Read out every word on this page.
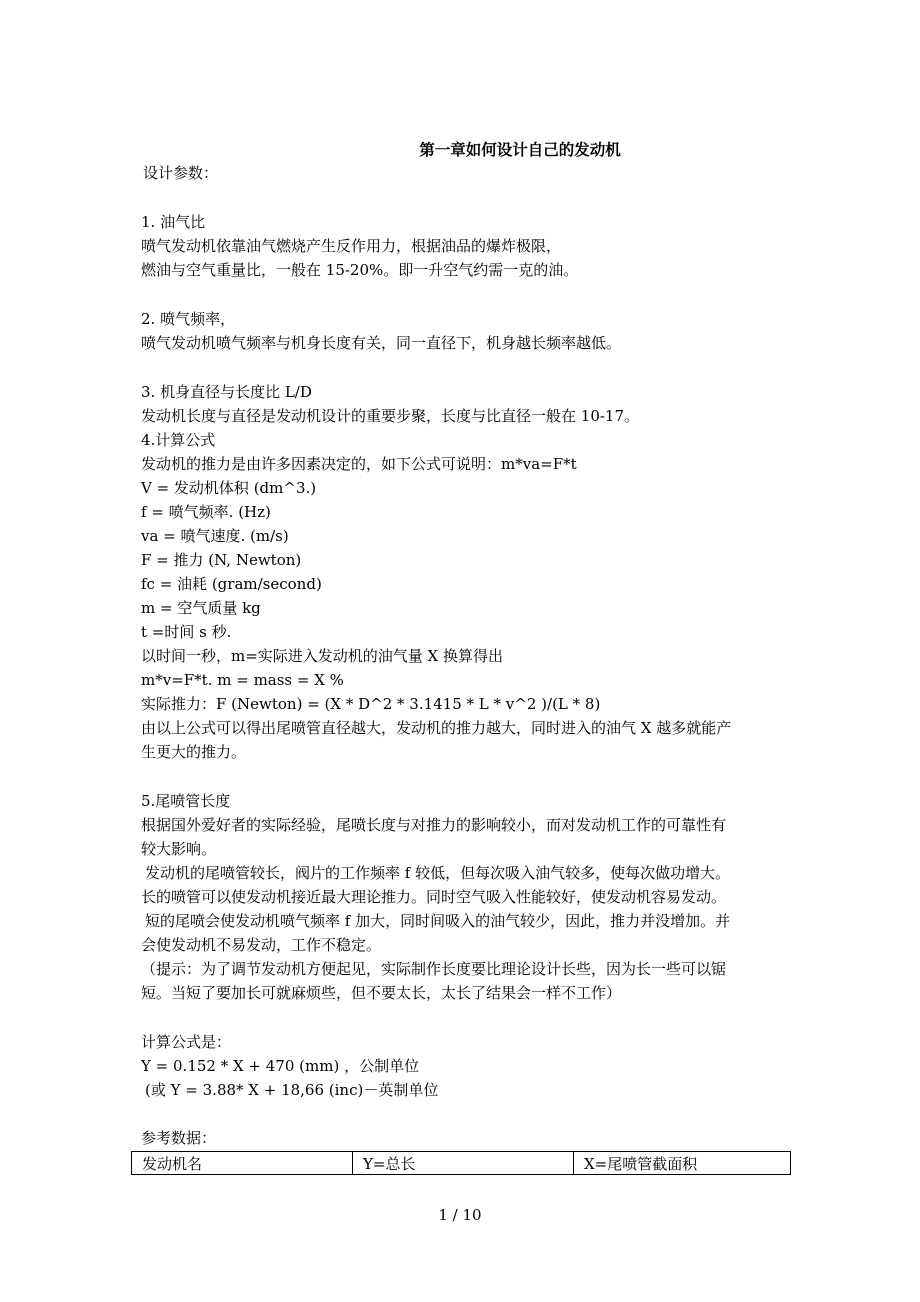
第一章如何设计自己的发动机
设计参数：
1. 油气比
喷气发动机依靠油气燃烧产生反作用力，根据油品的爆炸极限，
燃油与空气重量比，一般在 15-20%。即一升空气约需一克的油。
2. 喷气频率，
喷气发动机喷气频率与机身长度有关，同一直径下，机身越长频率越低。
3. 机身直径与长度比 L/D
发动机长度与直径是发动机设计的重要步聚，长度与比直径一般在 10-17。
4.计算公式
发动机的推力是由许多因素决定的，如下公式可说明：m*va=F*t
V = 发动机体积 (dm^3.)
f = 喷气频率. (Hz)
va = 喷气速度. (m/s)
F = 推力 (N, Newton)
fc = 油耗 (gram/second)
m = 空气质量 kg
t =时间 s 秒.
以时间一秒，m=实际进入发动机的油气量 X 换算得出
m*v=F*t. m = mass = X %
实际推力：F (Newton) = (X * D^2 * 3.1415 * L * v^2 )/(L * 8)
由以上公式可以得出尾喷管直径越大，发动机的推力越大，同时进入的油气 X 越多就能产
生更大的推力。
5.尾喷管长度
根据国外爱好者的实际经验，尾喷长度与对推力的影响较小，而对发动机工作的可靠性有
较大影响。
发动机的尾喷管较长，阀片的工作频率 f 较低，但每次吸入油气较多，使每次做功增大。
长的喷管可以使发动机接近最大理论推力。同时空气吸入性能较好，使发动机容易发动。
短的尾喷会使发动机喷气频率 f 加大，同时间吸入的油气较少，因此，推力并没增加。并
会使发动机不易发动，工作不稳定。
（提示：为了调节发动机方便起见，实际制作长度要比理论设计长些，因为长一些可以锯
短。当短了要加长可就麻烦些，但不要太长，太长了结果会一样不工作）
计算公式是：
Y = 0.152 * X + 470 (mm) ，公制单位
(或 Y = 3.88* X + 18,66 (inc)－英制单位
参考数据：
发动机名	Y=总长	X=尾喷管截面积
1 / 10
